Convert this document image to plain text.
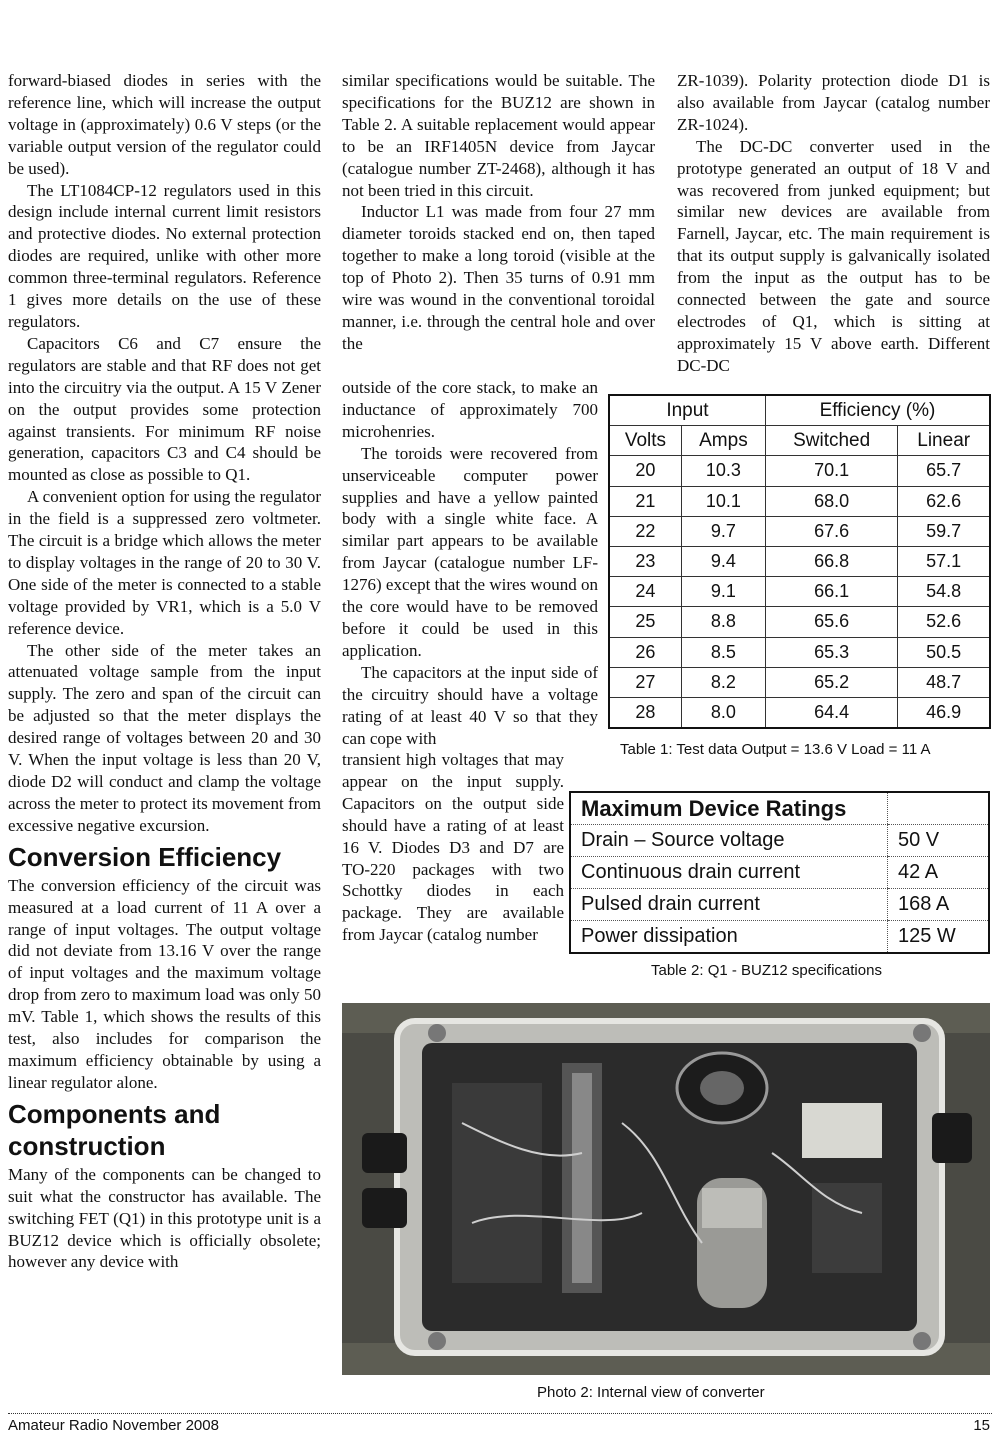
forward-biased diodes in series with the reference line, which will increase the output voltage in (approximately) 0.6 V steps (or the variable output version of the regulator could be used).

The LT1084CP-12 regulators used in this design include internal current limit resistors and protective diodes. No external protection diodes are required, unlike with other more common three-terminal regulators. Reference 1 gives more details on the use of these regulators.

Capacitors C6 and C7 ensure the regulators are stable and that RF does not get into the circuitry via the output. A 15 V Zener on the output provides some protection against transients. For minimum RF noise generation, capacitors C3 and C4 should be mounted as close as possible to Q1.

A convenient option for using the regulator in the field is a suppressed zero voltmeter. The circuit is a bridge which allows the meter to display voltages in the range of 20 to 30 V. One side of the meter is connected to a stable voltage provided by VR1, which is a 5.0 V reference device.

The other side of the meter takes an attenuated voltage sample from the input supply. The zero and span of the circuit can be adjusted so that the meter displays the desired range of voltages between 20 and 30 V. When the input voltage is less than 20 V, diode D2 will conduct and clamp the voltage across the meter to protect its movement from excessive negative excursion.

Conversion Efficiency

The conversion efficiency of the circuit was measured at a load current of 11 A over a range of input voltages. The output voltage did not deviate from 13.16 V over the range of input voltages and the maximum voltage drop from zero to maximum load was only 50 mV. Table 1, which shows the results of this test, also includes for comparison the maximum efficiency obtainable by using a linear regulator alone.

Components and
construction

Many of the components can be changed to suit what the constructor has available. The switching FET (Q1) in this prototype unit is a BUZ12 device which is officially obsolete; however any device with

similar specifications would be suitable. The specifications for the BUZ12 are shown in Table 2. A suitable replacement would appear to be an IRF1405N device from Jaycar (catalogue number ZT-2468), although it has not been tried in this circuit.

Inductor L1 was made from four 27 mm diameter toroids stacked end on, then taped together to make a long toroid (visible at the top of Photo 2). Then 35 turns of 0.91 mm wire was wound in the conventional toroidal manner, i.e. through the central hole and over the

outside of the core stack, to make an inductance of approximately 700 microhenries.

The toroids were recovered from unserviceable computer power supplies and have a yellow painted body with a single white face. A similar part appears to be available from Jaycar (catalogue number LF-1276) except that the wires wound on the core would have to be removed before it could be used in this application.

The capacitors at the input side of the circuitry should have a voltage rating of at least 40 V so that they can cope with

transient high voltages that may appear on the input supply. Capacitors on the output side should have a rating of at least 16 V. Diodes D3 and D7 are TO-220 packages with two Schottky diodes in each package. They are available from Jaycar (catalog number

ZR-1039). Polarity protection diode D1 is also available from Jaycar (catalog number ZR-1024).

The DC-DC converter used in the prototype generated an output of 18 V and was recovered from junked equipment; but similar new devices are available from Farnell, Jaycar, etc. The main requirement is that its output supply is galvanically isolated from the input as the output has to be connected between the gate and source electrodes of Q1, which is sitting at approximately 15 V above earth. Different DC-DC

Input		Efficiency (%)	
Volts	Amps	Switched	Linear
20	10.3	70.1	65.7
21	10.1	68.0	62.6
22	9.7	67.6	59.7
23	9.4	66.8	57.1
24	9.1	66.1	54.8
25	8.8	65.6	52.6
26	8.5	65.3	50.5
27	8.2	65.2	48.7
28	8.0	64.4	46.9
Table 1: Test data Output = 13.6 V Load = 11 A
Maximum Device Ratings	
Drain – Source voltage	50 V
Continuous drain current	42 A
Pulsed drain current	168 A
Power dissipation	125 W
Table 2: Q1 - BUZ12 specifications
Photo 2: Internal view of converter
Amateur Radio November 2008	15
